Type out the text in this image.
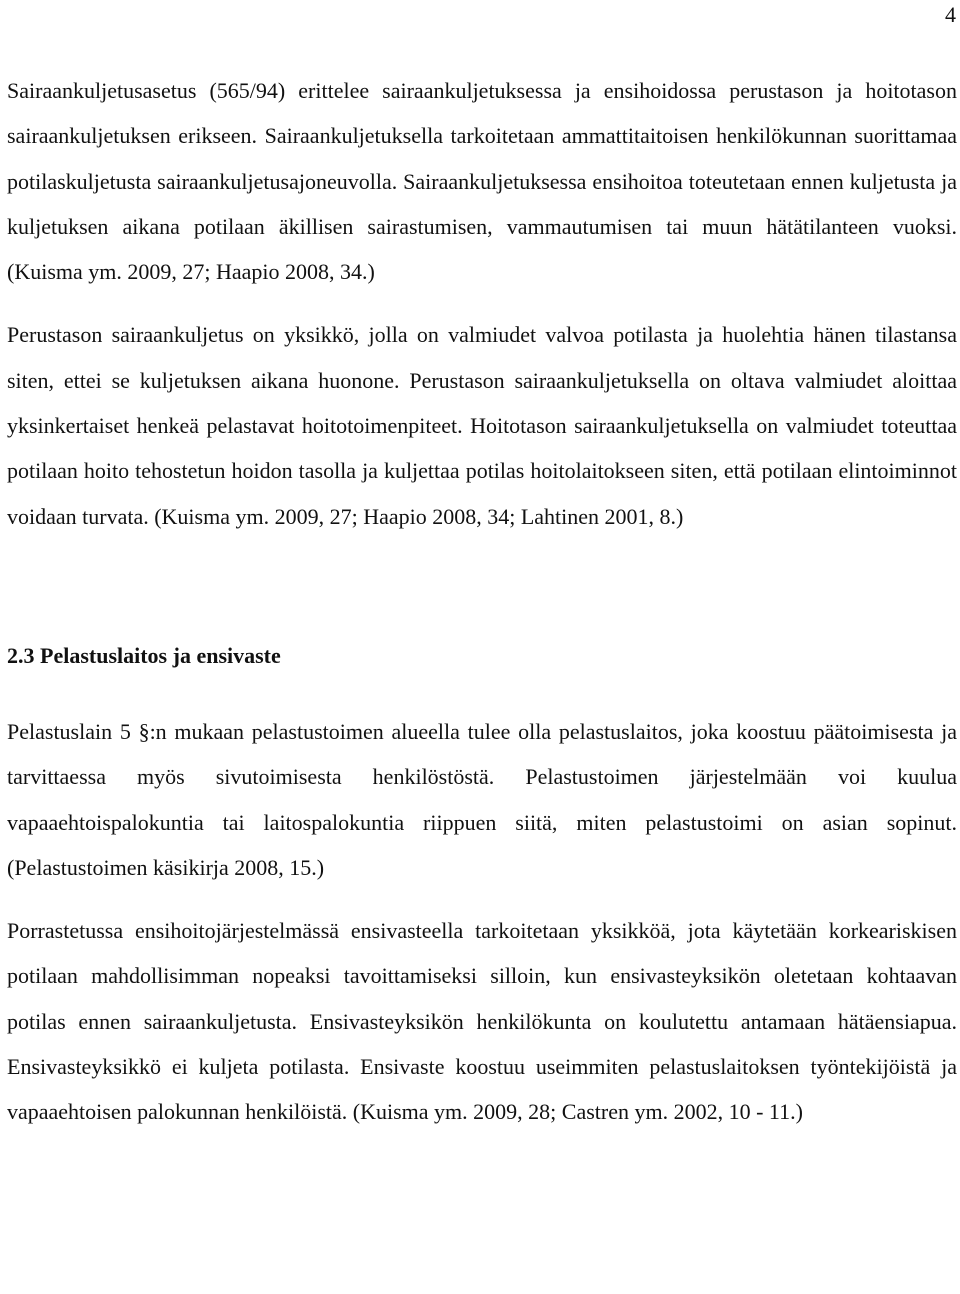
4

Sairaankuljetusasetus (565/94) erittelee sairaankuljetuksessa ja ensihoidossa perustason ja hoitotason sairaankuljetuksen erikseen. Sairaankuljetuksella tarkoitetaan ammattitaitoisen henkilökunnan suorittamaa potilaskuljetusta sairaankuljetusajoneuvolla. Sairaankuljetuksessa ensihoitoa toteutetaan ennen kuljetusta ja kuljetuksen aikana potilaan äkillisen sairastumisen, vammautumisen tai muun hätätilanteen vuoksi. (Kuisma ym. 2009, 27; Haapio 2008, 34.)

Perustason sairaankuljetus on yksikkö, jolla on valmiudet valvoa potilasta ja huolehtia hänen tilastansa siten, ettei se kuljetuksen aikana huonone. Perustason sairaankuljetuksella on oltava valmiudet aloittaa yksinkertaiset henkeä pelastavat hoitotoimenpiteet. Hoitotason sairaankuljetuksella on valmiudet toteuttaa potilaan hoito tehostetun hoidon tasolla ja kuljettaa potilas hoitolaitokseen siten, että potilaan elintoiminnot voidaan turvata. (Kuisma ym. 2009, 27; Haapio 2008, 34; Lahtinen 2001, 8.)

2.3 Pelastuslaitos ja ensivaste

Pelastuslain 5 §:n mukaan pelastustoimen alueella tulee olla pelastuslaitos, joka koostuu päätoimisesta ja tarvittaessa myös sivutoimisesta henkilöstöstä. Pelastustoimen järjestelmään voi kuulua vapaaehtoispalokuntia tai laitospalokuntia riippuen siitä, miten pelastustoimi on asian sopinut. (Pelastustoimen käsikirja 2008, 15.)

Porrastetussa ensihoitojärjestelmässä ensivasteella tarkoitetaan yksikköä, jota käytetään korkeariskisen potilaan mahdollisimman nopeaksi tavoittamiseksi silloin, kun ensivasteyksikön oletetaan kohtaavan potilas ennen sairaankuljetusta. Ensivasteyksikön henkilökunta on koulutettu antamaan hätäensiapua. Ensivasteyksikkö ei kuljeta potilasta. Ensivaste koostuu useimmiten pelastuslaitoksen työntekijöistä ja vapaaehtoisen palokunnan henkilöistä. (Kuisma ym. 2009, 28; Castren ym. 2002, 10 - 11.)
